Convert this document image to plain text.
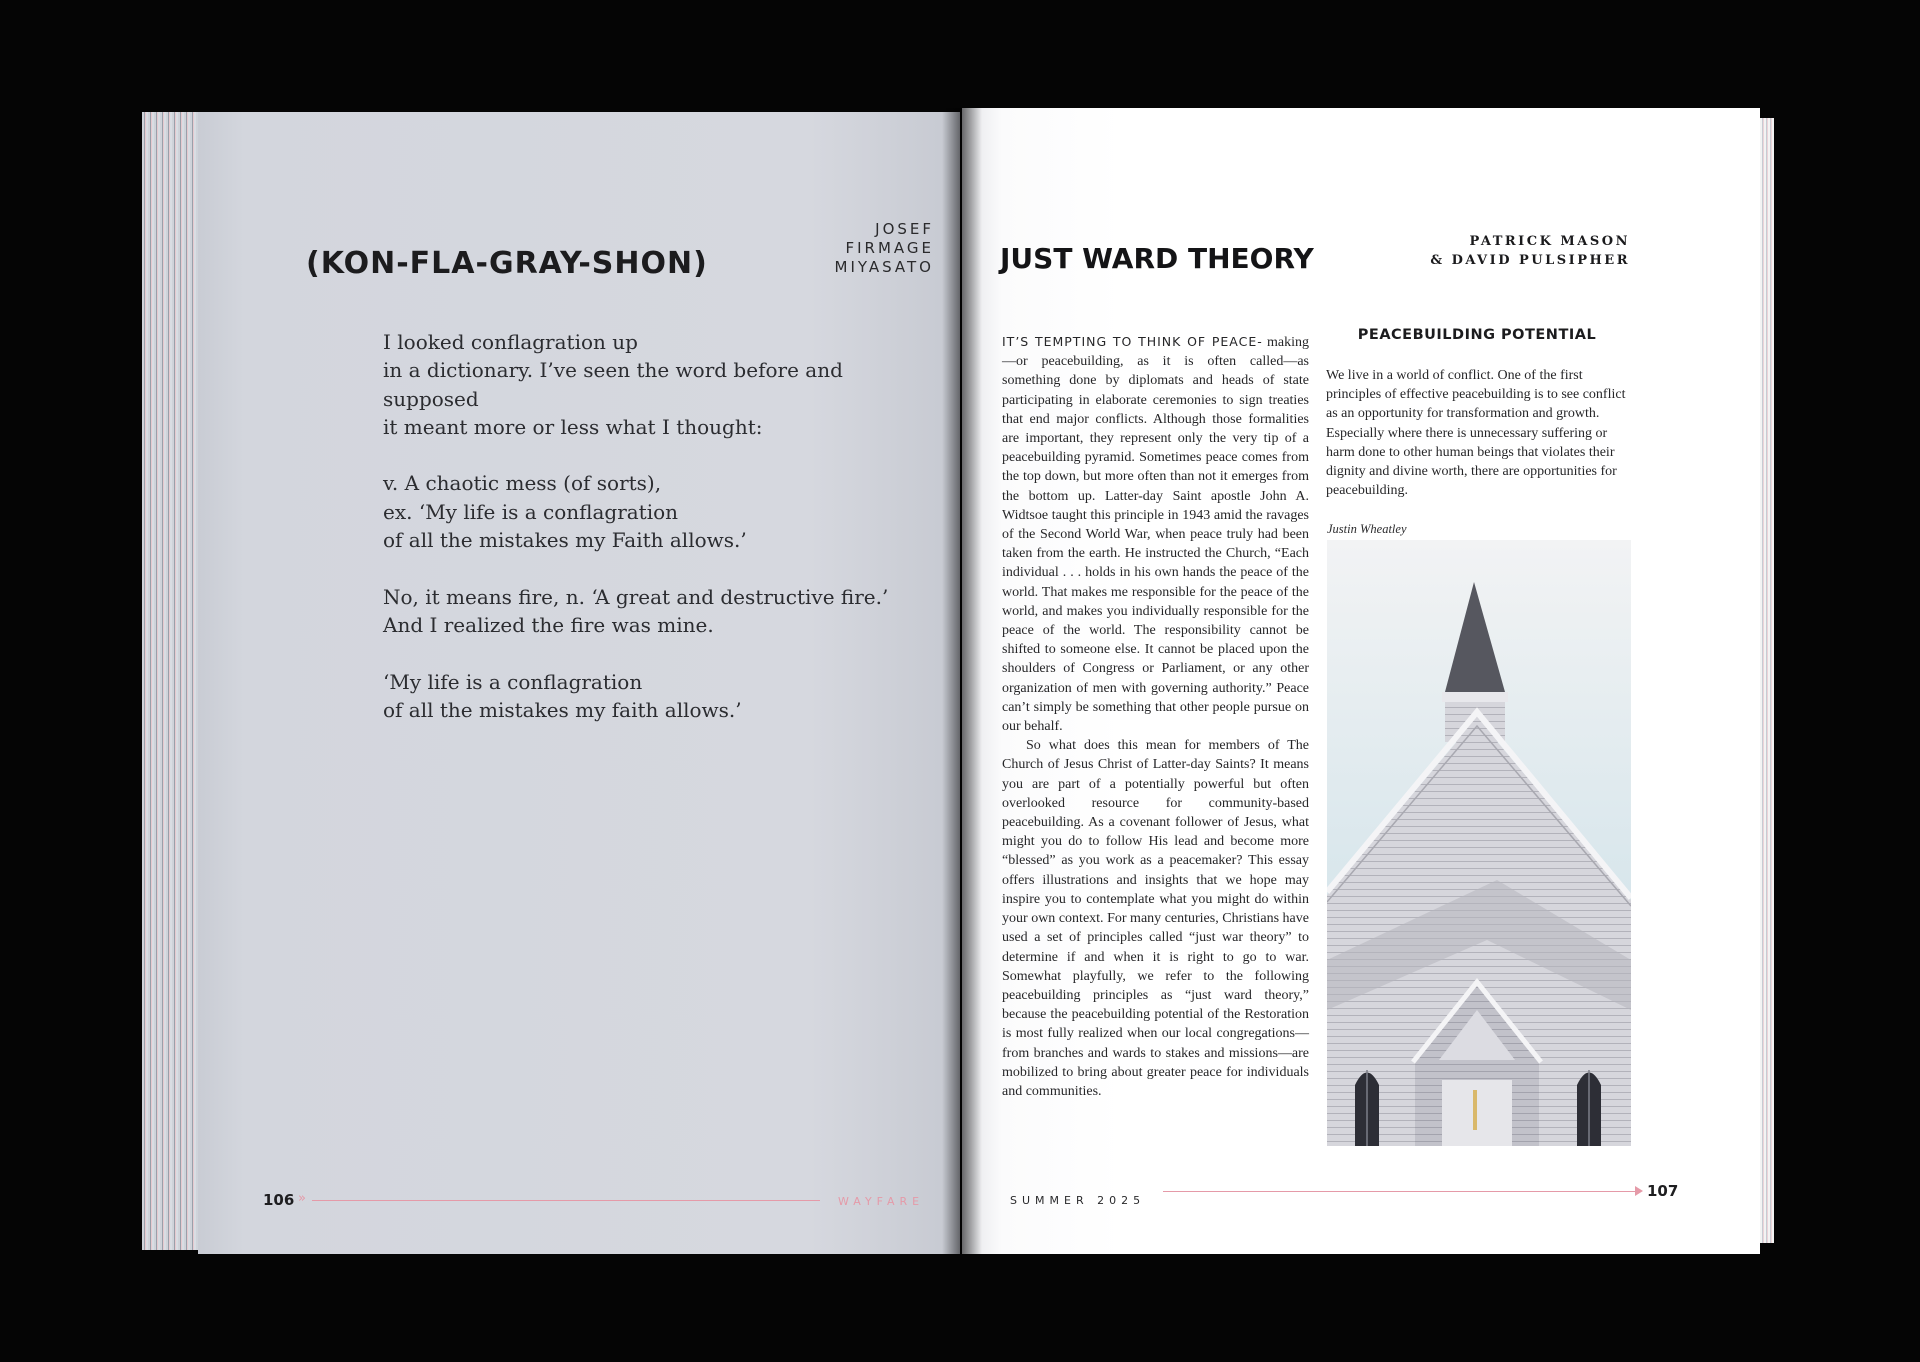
(KON-FLA-GRAY-SHON)
JOSEF
FIRMAGE
MIYASATO
I looked conflagration up
in a dictionary. I’ve seen the word before and
supposed
it meant more or less what I thought:
v. A chaotic mess (of sorts),
ex. ‘My life is a conflagration
of all the mistakes my Faith allows.’
No, it means fire, n. ‘A great and destructive fire.’
And I realized the fire was mine.
‘My life is a conflagration
of all the mistakes my faith allows.’
106 »	WAYFARE
JUST WARD THEORY
PATRICK MASON
& DAVID PULSIPHER
IT’S TEMPTING TO THINK OF PEACE- making—or peacebuilding, as it is often called—as something done by diplomats and heads of state participating in elaborate ceremonies to sign treaties that end major conflicts. Although those formalities are important, they represent only the very tip of a peacebuilding pyramid. Sometimes peace comes from the top down, but more often than not it emerges from the bottom up. Latter-day Saint apostle John A. Widtsoe taught this principle in 1943 amid the ravages of the Second World War, when peace truly had been taken from the earth. He instructed the Church, “Each individual . . . holds in his own hands the peace of the world. That makes me responsible for the peace of the world, and makes you individually responsible for the peace of the world. The responsibility cannot be shifted to someone else. It cannot be placed upon the shoulders of Congress or Parliament, or any other organization of men with governing authority.” Peace can’t simply be something that other people pursue on our behalf.
So what does this mean for members of The Church of Jesus Christ of Latter-day Saints? It means you are part of a potentially powerful but often overlooked resource for community-based peacebuilding. As a covenant follower of Jesus, what might you do to follow His lead and become more “blessed” as you work as a peacemaker? This essay offers illustrations and insights that we hope may inspire you to contemplate what you might do within your own context. For many centuries, Christians have used a set of principles called “just war theory” to determine if and when it is right to go to war. Somewhat playfully, we refer to the following peacebuilding principles as “just ward theory,” because the peacebuilding potential of the Restoration is most fully realized when our local congregations—from branches and wards to stakes and missions—are mobilized to bring about greater peace for individuals and communities.
PEACEBUILDING POTENTIAL
We live in a world of conflict. One of the first principles of effective peacebuilding is to see conflict as an opportunity for transformation and growth. Especially where there is unnecessary suffering or harm done to other human beings that violates their dignity and divine worth, there are opportunities for peacebuilding.
Justin Wheatley
SUMMER 2025
107
